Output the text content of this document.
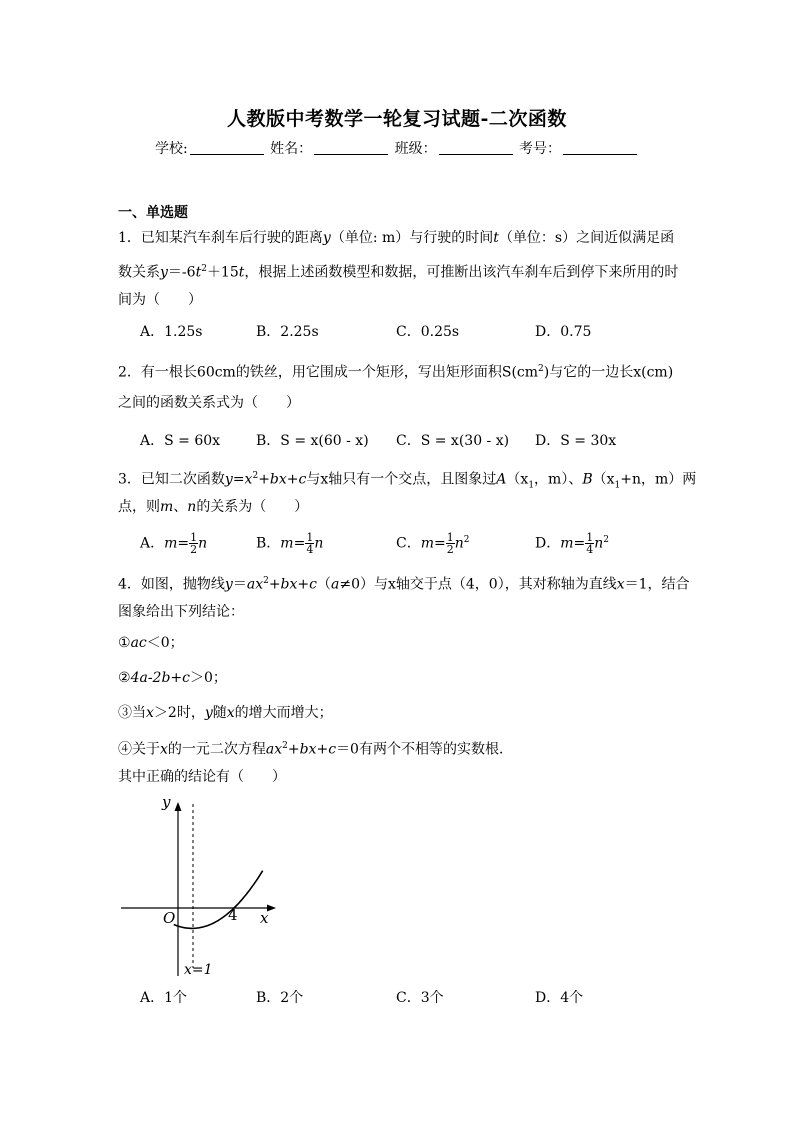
人教版中考数学一轮复习试题-二次函数
学校:	姓名：	班级：	考号：
一、单选题
1．已知某汽车刹车后行驶的距离y（单位: m）与行驶的时间t（单位：s）之间近似满足函
数关系$y=-6t^2+15t$，根据上述函数模型和数据，可推断出该汽车刹车后到停下来所用的时
间为（　　）
A．1.25s	B．2.25s	C．0.25s	D．0.75
2．有一根长60cm的铁丝，用它围成一个矩形，写出矩形面积$S(cm^2)$与它的一边长x(cm)
之间的函数关系式为（　　）
A．S = 60x	B．S = x(60 - x) C．S = x(30 - x) D．S = 30x
3．已知二次函数$y=x^2+bx+c$与x轴只有一个交点，且图象过$A(x_1$，m）、$B(x_1+n$，m）两
点，则m、n的关系为（　　）
A．$m= \frac{1}{2}$ n	B．$m= \frac{1}{4}$ n	C．$m= \frac{1}{2} n^2$	D．$m= \frac{1}{4} n^2$
4．如图，抛物线$y=ax^2+bx+c(a\ne 0)$与x轴交于点（4，0），其对称轴为直线x＝1，结合
图象给出下列结论：
①ac＜0；
②4a-2b+c＞0；
③当x＞2时，y随x的增大而增大；
④关于x的一元二次方程$ax^2+bx+c=0$有两个不相等的实数根．
其中正确的结论有（　　）
y
x
O	4
x=1
A．1个	B．2个	C．3个	D．4个
